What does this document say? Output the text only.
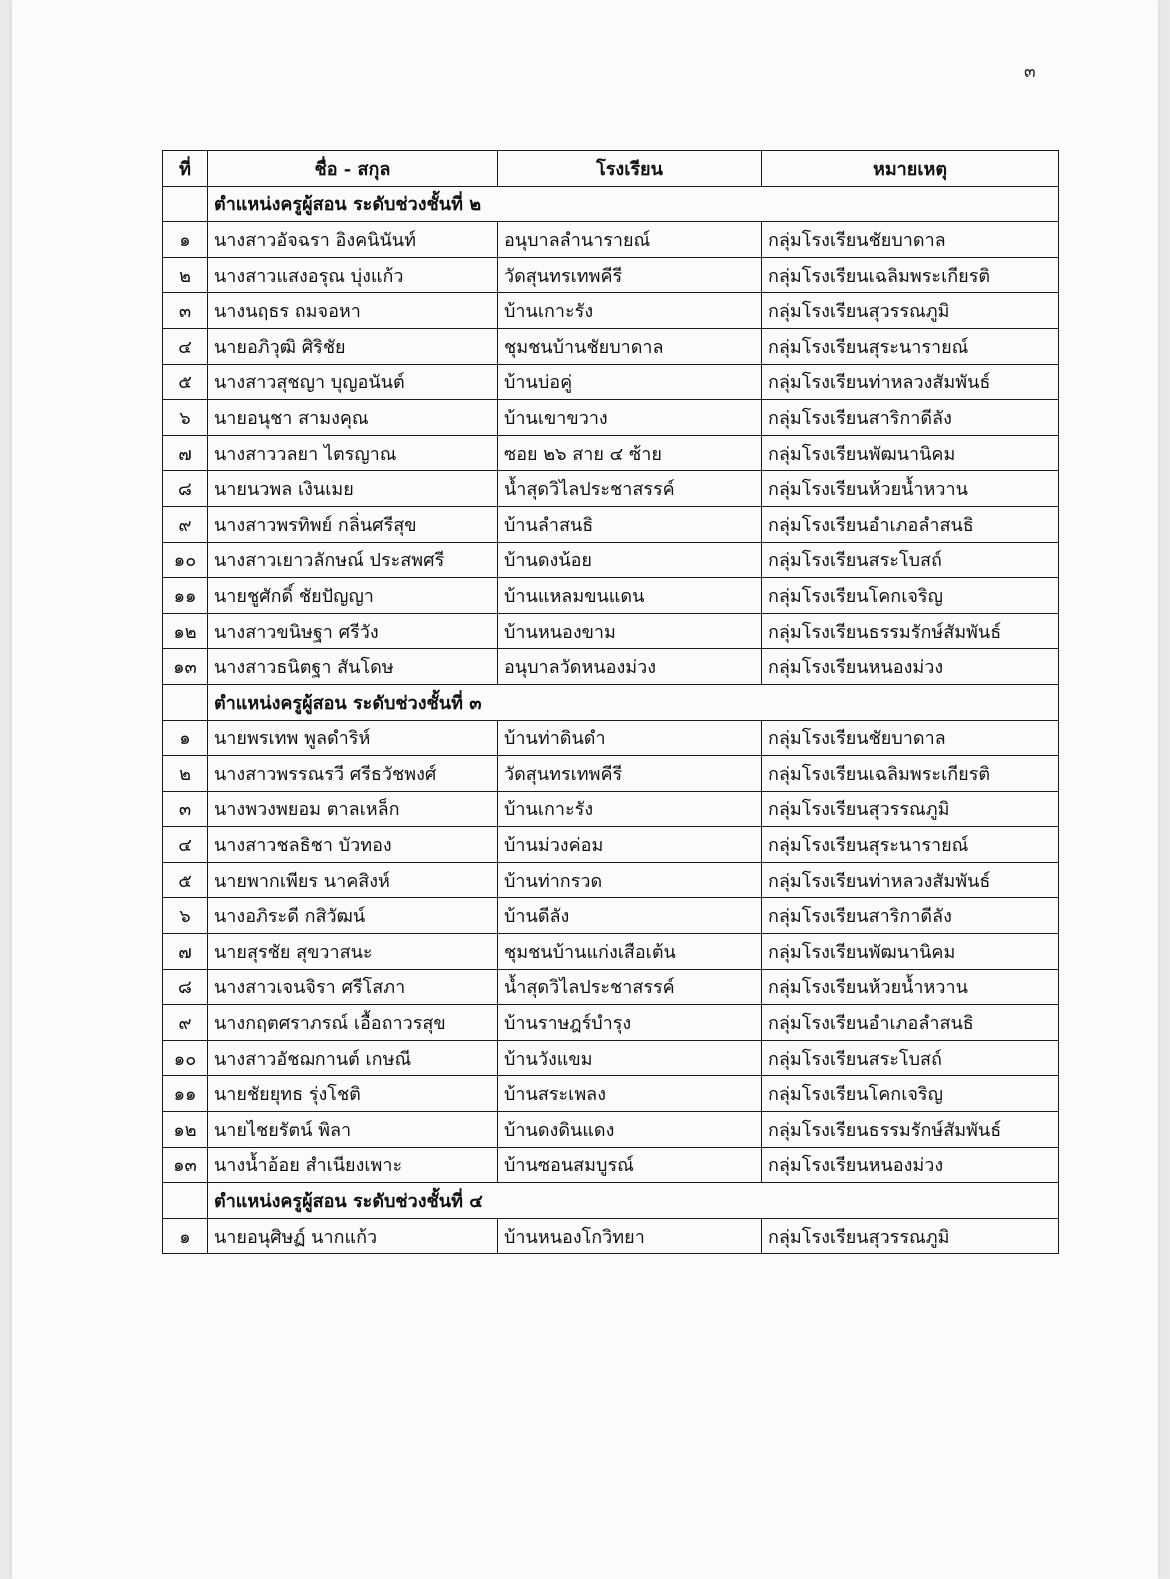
๓
ที่	ชื่อ - สกุล	โรงเรียน	หมายเหตุ
	ตำแหน่งครูผู้สอน ระดับช่วงชั้นที่ ๒		
๑	นางสาวอัจฉรา อิงคนินันท์	อนุบาลลำนารายณ์	กลุ่มโรงเรียนชัยบาดาล
๒	นางสาวแสงอรุณ บุ่งแก้ว	วัดสุนทรเทพคีรี	กลุ่มโรงเรียนเฉลิมพระเกียรติ
๓	นางนฤธร ถมจอหา	บ้านเกาะรัง	กลุ่มโรงเรียนสุวรรณภูมิ
๔	นายอภิวุฒิ ศิริชัย	ชุมชนบ้านชัยบาดาล	กลุ่มโรงเรียนสุระนารายณ์
๕	นางสาวสุชญา บุญอนันต์	บ้านบ่อคู่	กลุ่มโรงเรียนท่าหลวงสัมพันธ์
๖	นายอนุชา สามงคุณ	บ้านเขาขวาง	กลุ่มโรงเรียนสาริกาดีลัง
๗	นางสาววลยา ไตรญาณ	ซอย ๒๖ สาย ๔ ซ้าย	กลุ่มโรงเรียนพัฒนานิคม
๘	นายนวพล เงินเมย	น้ำสุดวิไลประชาสรรค์	กลุ่มโรงเรียนห้วยน้ำหวาน
๙	นางสาวพรทิพย์ กลิ่นศรีสุข	บ้านลำสนธิ	กลุ่มโรงเรียนอำเภอลำสนธิ
๑๐	นางสาวเยาวลักษณ์ ประสพศรี	บ้านดงน้อย	กลุ่มโรงเรียนสระโบสถ์
๑๑	นายชูศักดิ์ ชัยปัญญา	บ้านแหลมขนแดน	กลุ่มโรงเรียนโคกเจริญ
๑๒	นางสาวขนิษฐา ศรีวัง	บ้านหนองขาม	กลุ่มโรงเรียนธรรมรักษ์สัมพันธ์
๑๓	นางสาวธนิตฐา สันโดษ	อนุบาลวัดหนองม่วง	กลุ่มโรงเรียนหนองม่วง
	ตำแหน่งครูผู้สอน ระดับช่วงชั้นที่ ๓		
๑	นายพรเทพ พูลดำริห์	บ้านท่าดินดำ	กลุ่มโรงเรียนชัยบาดาล
๒	นางสาวพรรณรวี ศรีธวัชพงศ์	วัดสุนทรเทพคีรี	กลุ่มโรงเรียนเฉลิมพระเกียรติ
๓	นางพวงพยอม ตาลเหล็ก	บ้านเกาะรัง	กลุ่มโรงเรียนสุวรรณภูมิ
๔	นางสาวชลธิชา บัวทอง	บ้านม่วงค่อม	กลุ่มโรงเรียนสุระนารายณ์
๕	นายพากเพียร นาคสิงห์	บ้านท่ากรวด	กลุ่มโรงเรียนท่าหลวงสัมพันธ์
๖	นางอภิระดี กสิวัฒน์	บ้านดีลัง	กลุ่มโรงเรียนสาริกาดีลัง
๗	นายสุรชัย สุขวาสนะ	ชุมชนบ้านแก่งเสือเต้น	กลุ่มโรงเรียนพัฒนานิคม
๘	นางสาวเจนจิรา ศรีโสภา	น้ำสุดวิไลประชาสรรค์	กลุ่มโรงเรียนห้วยน้ำหวาน
๙	นางกฤตศราภรณ์ เอื้อถาวรสุข	บ้านราษฎร์บำรุง	กลุ่มโรงเรียนอำเภอลำสนธิ
๑๐	นางสาวอัชฌกานต์ เกษณี	บ้านวังแขม	กลุ่มโรงเรียนสระโบสถ์
๑๑	นายชัยยุทธ รุ่งโชติ	บ้านสระเพลง	กลุ่มโรงเรียนโคกเจริญ
๑๒	นายไชยรัตน์ พิลา	บ้านดงดินแดง	กลุ่มโรงเรียนธรรมรักษ์สัมพันธ์
๑๓	นางน้ำอ้อย สำเนียงเพาะ	บ้านซอนสมบูรณ์	กลุ่มโรงเรียนหนองม่วง
	ตำแหน่งครูผู้สอน ระดับช่วงชั้นที่ ๔		
๑	นายอนุศิษฏ์ นากแก้ว	บ้านหนองโกวิทยา	กลุ่มโรงเรียนสุวรรณภูมิ
